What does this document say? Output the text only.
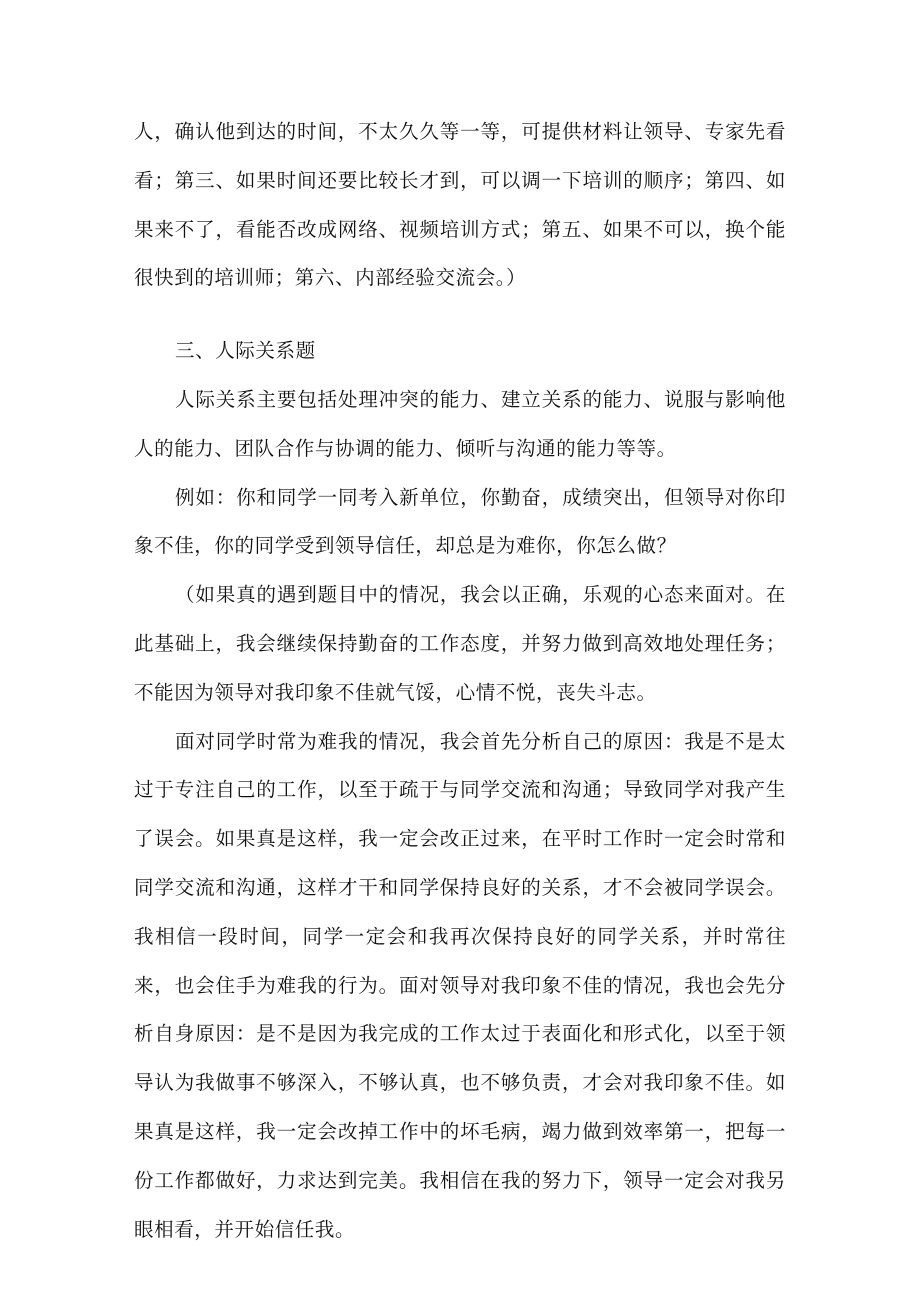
人，确认他到达的时间，不太久久等一等，可提供材料让领导、专家先看看；第三、如果时间还要比较长才到，可以调一下培训的顺序；第四、如果来不了，看能否改成网络、视频培训方式；第五、如果不可以，换个能很快到的培训师；第六、内部经验交流会。）

三、人际关系题

人际关系主要包括处理冲突的能力、建立关系的能力、说服与影响他人的能力、团队合作与协调的能力、倾听与沟通的能力等等。

例如：你和同学一同考入新单位，你勤奋，成绩突出，但领导对你印象不佳，你的同学受到领导信任，却总是为难你，你怎么做？

（如果真的遇到题目中的情况，我会以正确，乐观的心态来面对。在此基础上，我会继续保持勤奋的工作态度，并努力做到高效地处理任务；不能因为领导对我印象不佳就气馁，心情不悦，丧失斗志。

面对同学时常为难我的情况，我会首先分析自己的原因：我是不是太过于专注自己的工作，以至于疏于与同学交流和沟通；导致同学对我产生了误会。如果真是这样，我一定会改正过来，在平时工作时一定会时常和同学交流和沟通，这样才干和同学保持良好的关系，才不会被同学误会。我相信一段时间，同学一定会和我再次保持良好的同学关系，并时常往来，也会住手为难我的行为。面对领导对我印象不佳的情况，我也会先分析自身原因：是不是因为我完成的工作太过于表面化和形式化，以至于领导认为我做事不够深入，不够认真，也不够负责，才会对我印象不佳。如果真是这样，我一定会改掉工作中的坏毛病，竭力做到效率第一，把每一份工作都做好，力求达到完美。我相信在我的努力下，领导一定会对我另眼相看，并开始信任我。
